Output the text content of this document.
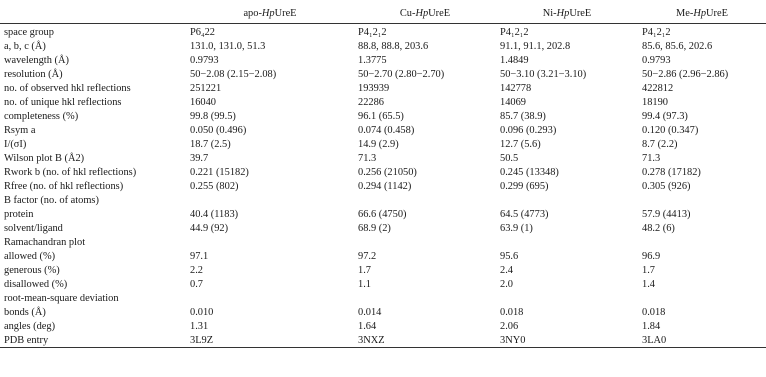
	apo-HpUreE	Cu-HpUreE	Ni-HpUreE	Me-HpUreE
space group	P6₄22	P4₁2₁2	P4₁2₁2	P4₁2₁2
a, b, c (Å)	131.0, 131.0, 51.3	88.8, 88.8, 203.6	91.1, 91.1, 202.8	85.6, 85.6, 202.6
wavelength (Å)	0.9793	1.3775	1.4849	0.9793
resolution (Å)	50−2.08 (2.15−2.08)	50−2.70 (2.80−2.70)	50−3.10 (3.21−3.10)	50−2.86 (2.96−2.86)
no. of observed hkl reflections	251221	193939	142778	422812
no. of unique hkl reflections	16040	22286	14069	18190
completeness (%)	99.8 (99.5)	96.1 (65.5)	85.7 (38.9)	99.4 (97.3)
Rsym a	0.050 (0.496)	0.074 (0.458)	0.096 (0.293)	0.120 (0.347)
I/(σI)	18.7 (2.5)	14.9 (2.9)	12.7 (5.6)	8.7 (2.2)
Wilson plot B (Å2)	39.7	71.3	50.5	71.3
Rwork b (no. of hkl reflections)	0.221 (15182)	0.256 (21050)	0.245 (13348)	0.278 (17182)
Rfree (no. of hkl reflections)	0.255 (802)	0.294 (1142)	0.299 (695)	0.305 (926)
B factor (no. of atoms)				
protein	40.4 (1183)	66.6 (4750)	64.5 (4773)	57.9 (4413)
solvent/ligand	44.9 (92)	68.9 (2)	63.9 (1)	48.2 (6)
Ramachandran plot				
allowed (%)	97.1	97.2	95.6	96.9
generous (%)	2.2	1.7	2.4	1.7
disallowed (%)	0.7	1.1	2.0	1.4
root-mean-square deviation				
bonds (Å)	0.010	0.014	0.018	0.018
angles (deg)	1.31	1.64	2.06	1.84
PDB entry	3L9Z	3NXZ	3NY0	3LA0
